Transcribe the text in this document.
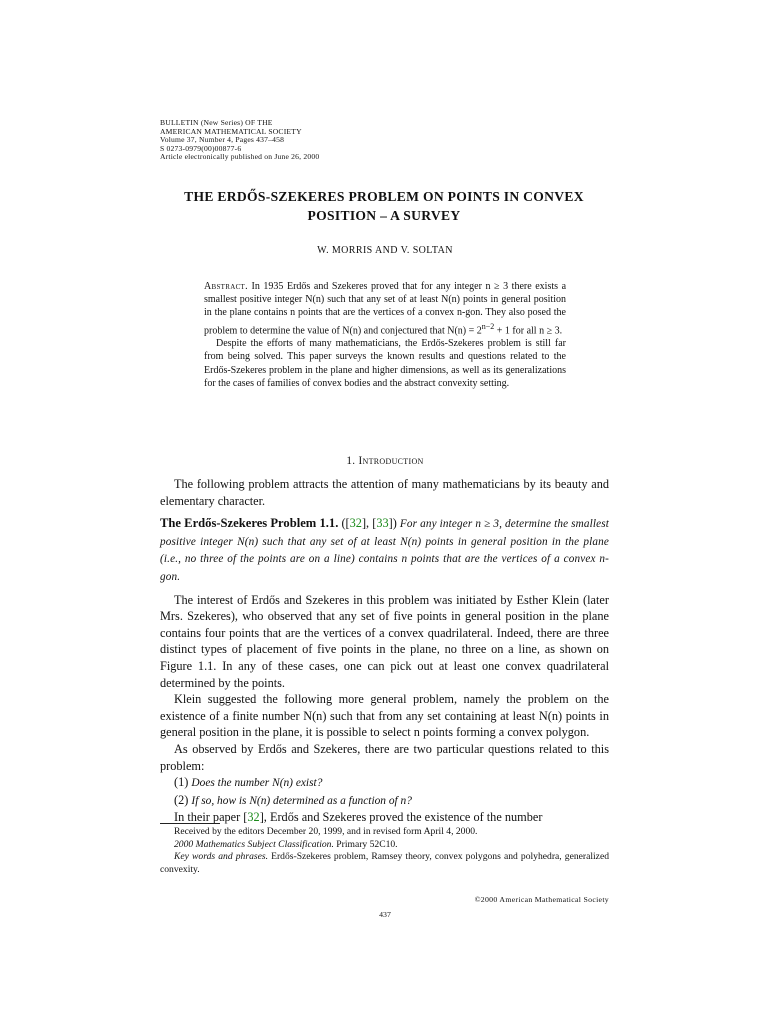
BULLETIN (New Series) OF THE
AMERICAN MATHEMATICAL SOCIETY
Volume 37, Number 4, Pages 437–458
S 0273-0979(00)00877-6
Article electronically published on June 26, 2000
THE ERDŐS-SZEKERES PROBLEM ON POINTS IN CONVEX
POSITION – A SURVEY
W. MORRIS AND V. SOLTAN

Abstract. In 1935 Erdős and Szekeres proved that for any integer n ≥ 3 there exists a smallest positive integer N(n) such that any set of at least N(n) points in general position in the plane contains n points that are the vertices of a convex n-gon. They also posed the problem to determine the value of N(n) and conjectured that $N(n) = 2^{n-2} + 1$ for all n ≥ 3.

Despite the efforts of many mathematicians, the Erdős-Szekeres problem is still far from being solved. This paper surveys the known results and questions related to the Erdős-Szekeres problem in the plane and higher dimensions, as well as its generalizations for the cases of families of convex bodies and the abstract convexity setting.

1. Introduction

The following problem attracts the attention of many mathematicians by its beauty and elementary character.

The Erdős-Szekeres Problem 1.1. ([32], [33]) For any integer n ≥ 3, determine the smallest positive integer N(n) such that any set of at least N(n) points in general position in the plane (i.e., no three of the points are on a line) contains n points that are the vertices of a convex n-gon.

The interest of Erdős and Szekeres in this problem was initiated by Esther Klein (later Mrs. Szekeres), who observed that any set of five points in general position in the plane contains four points that are the vertices of a convex quadrilateral. Indeed, there are three distinct types of placement of five points in the plane, no three on a line, as shown on Figure 1.1. In any of these cases, one can pick out at least one convex quadrilateral determined by the points.

Klein suggested the following more general problem, namely the problem on the existence of a finite number N(n) such that from any set containing at least N(n) points in general position in the plane, it is possible to select n points forming a convex polygon.

As observed by Erdős and Szekeres, there are two particular questions related to this problem:

(1) Does the number N(n) exist?

(2) If so, how is N(n) determined as a function of n?

In their paper [32], Erdős and Szekeres proved the existence of the number

Received by the editors December 20, 1999, and in revised form April 4, 2000.

2000 Mathematics Subject Classification. Primary 52C10.

Key words and phrases. Erdős-Szekeres problem, Ramsey theory, convex polygons and polyhedra, generalized convexity.

©2000 American Mathematical Society
437
